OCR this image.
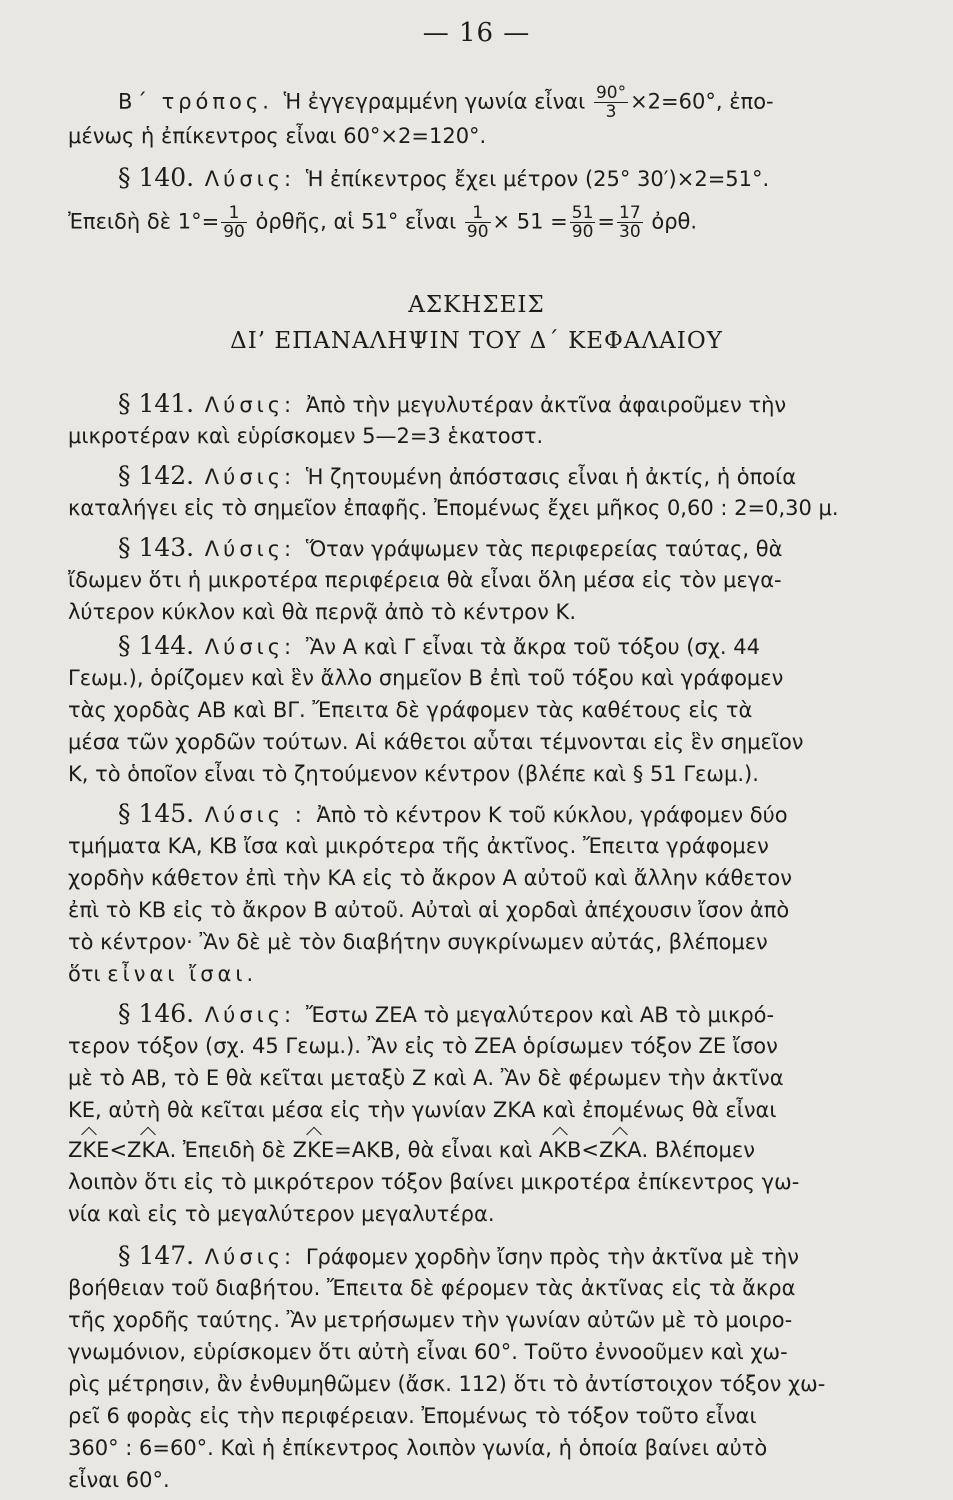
— 16 —
Β΄ τρόπος. Ἡ ἐγγεγραμμένη γωνία εἶναι $\frac{90^\circ}{3} \times 2=60^\circ$, ἐπο-
μένως ἡ ἐπίκεντρος εἶναι 60°×2=120°.
§ 140. Λύσις: Ἡ ἐπίκεντρος ἔχει μέτρον (25° 30′)×2=51°.
Ἐπειδὴ δὲ $1^\circ= \frac{1}{90}$ ὀρθῆς, αἱ 51° εἶναι $\frac{1}{90} \times 51 = \frac{51}{90} = \frac{17}{30}$ ὀρθ.
ΑΣΚΗΣΕΙΣ
ΔΙ’ ΕΠΑΝΑΛΗΨΙΝ ΤΟΥ Δ΄ ΚΕΦΑΛΑΙΟΥ
§ 141. Λύσις: Ἀπὸ τὴν μεγυλυτέραν ἀκτῖνα ἀφαιροῦμεν τὴν
μικροτέραν καὶ εὑρίσκομεν 5—2=3 ἑκατοστ.
§ 142. Λύσις: Ἡ ζητουμένη ἀπόστασις εἶναι ἡ ἀκτίς, ἡ ὁποία
καταλήγει εἰς τὸ σημεῖον ἐπαφῆς. Ἐπομένως ἔχει μῆκος 0,60 : 2=0,30 μ.
§ 143. Λύσις: Ὅταν γράψωμεν τὰς περιφερείας ταύτας, θὰ
ἴδωμεν ὅτι ἡ μικροτέρα περιφέρεια θὰ εἶναι ὅλη μέσα εἰς τὸν μεγα-
λύτερον κύκλον καὶ θὰ περνᾷ ἀπὸ τὸ κέντρον Κ.
§ 144. Λύσις: Ἂν Α καὶ Γ εἶναι τὰ ἄκρα τοῦ τόξου (σχ. 44
Γεωμ.), ὁρίζομεν καὶ ἓν ἄλλο σημεῖον Β ἐπὶ τοῦ τόξου καὶ γράφομεν
τὰς χορδὰς ΑΒ καὶ ΒΓ. Ἔπειτα δὲ γράφομεν τὰς καθέτους εἰς τὰ
μέσα τῶν χορδῶν τούτων. Αἱ κάθετοι αὗται τέμνονται εἰς ἓν σημεῖον
Κ, τὸ ὁποῖον εἶναι τὸ ζητούμενον κέντρον (βλέπε καὶ § 51 Γεωμ.).
§ 145. Λύσις : Ἀπὸ τὸ κέντρον Κ τοῦ κύκλου, γράφομεν δύο
τμήματα ΚΑ, ΚΒ ἴσα καὶ μικρότερα τῆς ἀκτῖνος. Ἔπειτα γράφομεν
χορδὴν κάθετον ἐπὶ τὴν ΚΑ εἰς τὸ ἄκρον Α αὐτοῦ καὶ ἄλλην κάθετον
ἐπὶ τὸ ΚΒ εἰς τὸ ἄκρον Β αὐτοῦ. Αὐταὶ αἱ χορδαὶ ἀπέχουσιν ἴσον ἀπὸ
τὸ κέντρον· Ἂν δὲ μὲ τὸν διαβήτην συγκρίνωμεν αὐτάς, βλέπομεν
ὅτι εἶναι ἴσαι.
§ 146. Λύσις: Ἔστω ΖΕΑ τὸ μεγαλύτερον καὶ ΑΒ τὸ μικρό-
τερον τόξον (σχ. 45 Γεωμ.). Ἂν εἰς τὸ ΖΕΑ ὁρίσωμεν τόξον ΖΕ ἴσον
μὲ τὸ ΑΒ, τὸ Ε θὰ κεῖται μεταξὺ Ζ καὶ Α. Ἂν δὲ φέρωμεν τὴν ἀκτῖνα
ΚΕ, αὐτὴ θὰ κεῖται μέσα εἰς τὴν γωνίαν ΖΚΑ καὶ ἐπομένως θὰ εἶναι
ΖΚΕ<ΖΚΑ. Ἐπειδὴ δὲ ΖΚΕ=ΑΚΒ, θὰ εἶναι καὶ ΑΚΒ<ΖΚΑ. Βλέπομεν
λοιπὸν ὅτι εἰς τὸ μικρότερον τόξον βαίνει μικροτέρα ἐπίκεντρος γω-
νία καὶ εἰς τὸ μεγαλύτερον μεγαλυτέρα.
§ 147. Λύσις: Γράφομεν χορδὴν ἴσην πρὸς τὴν ἀκτῖνα μὲ τὴν
βοήθειαν τοῦ διαβήτου. Ἔπειτα δὲ φέρομεν τὰς ἀκτῖνας εἰς τὰ ἄκρα
τῆς χορδῆς ταύτης. Ἂν μετρήσωμεν τὴν γωνίαν αὐτῶν μὲ τὸ μοιρο-
γνωμόνιον, εὑρίσκομεν ὅτι αὐτὴ εἶναι 60°. Τοῦτο ἐννοοῦμεν καὶ χω-
ρὶς μέτρησιν, ἂν ἐνθυμηθῶμεν (ἄσκ. 112) ὅτι τὸ ἀντίστοιχον τόξον χω-
ρεῖ 6 φορὰς εἰς τὴν περιφέρειαν. Ἐπομένως τὸ τόξον τοῦτο εἶναι
360° : 6=60°. Καὶ ἡ ἐπίκεντρος λοιπὸν γωνία, ἡ ὁποία βαίνει αὐτὸ
εἶναι 60°.
